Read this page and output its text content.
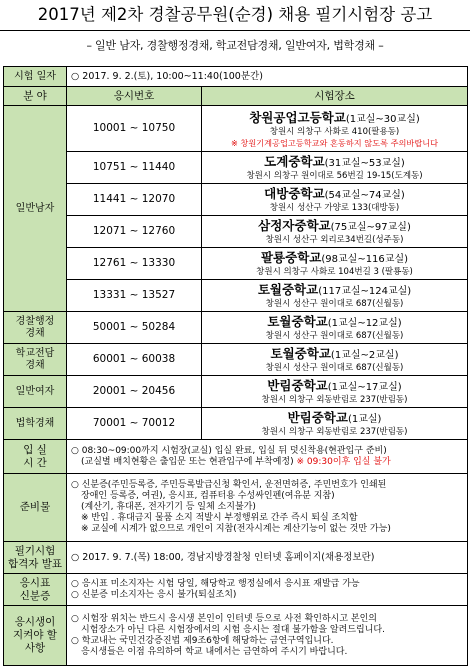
2017년 제2차 경찰공무원(순경) 채용 필기시험장 공고
– 일반 남자, 경찰행정경채, 학교전담경채, 일반여자, 법학경채 –
시험 일자	○ 2017. 9. 2.(토), 10:00~11:40(100분간)	
분 야	응시번호	시험장소
일반남자	10001 ~ 10750	창원공업고등학교(1교실~30교실)
창원시 의창구 사화로 410(팔용동)
※ 창원기계공업고등학교와 혼동하지 않도록 주의바랍니다

	10751 ~ 11440	도계중학교(31교실~53교실)
창원시 의창구 원이대로 56번길 19-15(도계동)

	11441 ~ 12070	대방중학교(54교실~74교실)
창원시 성산구 가양로 133(대방동)

	12071 ~ 12760	삼정자중학교(75교실~97교실)
창원시 성산구 외리로34번길(성주동)

	12761 ~ 13330	팔룡중학교(98교실~116교실)
창원시 의창구 사화로 104번길 3 (팔룡동)

	13331 ~ 13527	토월중학교(117교실~124교실)
창원시 성산구 원이대로 687(신월동)

경찰행정
경채	50001 ~ 50284	토월중학교(1교실~12교실)
창원시 성산구 원이대로 687(신월동)

학교전담
경채	60001 ~ 60038	토월중학교(1교실~2교실)
창원시 성산구 원이대로 687(신월동)

일반여자	20001 ~ 20456	반림중학교(1교실~17교실)
창원시 의창구 외동반림로 237(반림동)

법학경채	70001 ~ 70012	반림중학교(1교실)
창원시 의창구 외동반림로 237(반림동)

입 실
시 간	○ 08:30~09:00까지 시험장(교실) 입실 완료, 입실 뒤 덧신착용(현관입구 준비)
(교실별 배치현황은 출입문 또는 현관입구에 부착예정) ※ 09:30이후 입실 불가	

준비물	○ 신분증(주민등록증, 주민등록발급신청 확인서, 운전면허증, 주민번호가 인쇄된
장애인 등록증, 여권), 응시표, 컴퓨터용 수성싸인펜(여유분 지참)
(계산기, 휴대폰, 전자기기 등 일체 소지불가)
※ 반입 . 휴대금지 물품 소지 적발시 부정행위로 간주 즉시 퇴실 조치함
※ 교실에 시계가 없으므로 개인이 지참(전자시계는 계산기능이 없는 것만 가능)	

필기시험
합격자 발표	○ 2017. 9. 7.(목) 18:00, 경남지방경찰청 인터넷 홈페이지(채용정보란)	
응시표
신분증	○ 응시표 미소지자는 시험 당일, 해당학교 행정실에서 응시표 재발급 가능
○ 신분증 미소지자는 응시 불가(퇴실조치)	

응시생이
지켜야 할
사항	○ 시험장 위치는 반드시 응시생 본인이 인터넷 등으로 사전 확인하시고 본인의
시험장소가 아닌 다른 시험장에서의 시험 응시는 절대 불가함을 알려드립니다.
○ 학교내는 국민건강증진법 제9조6항에 해당하는 금연구역입니다.
응시생들은 이점 유의하여 학교 내에서는 금연하여 주시기 바랍니다.	
